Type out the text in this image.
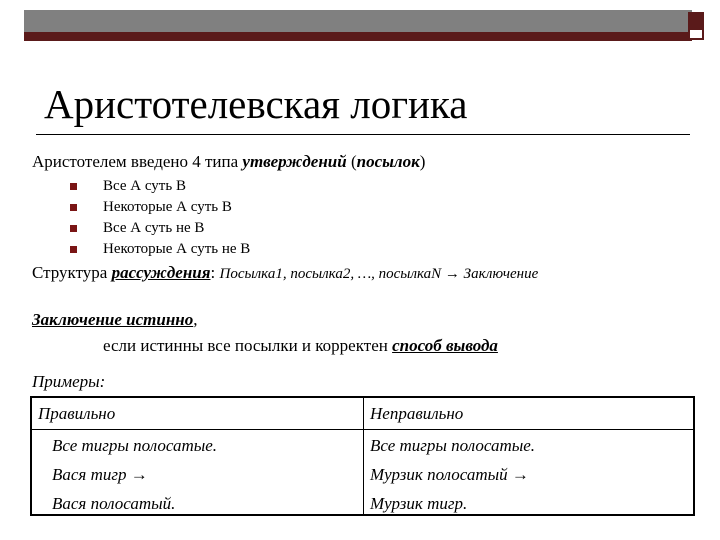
Аристотелевская логика
Аристотелем введено 4 типа утверждений (посылок)
Все А суть В
Некоторые А суть В
Все А суть не В
Некоторые А суть не В
Структура рассуждения: Посылка1, посылка2, …, посылкаN → Заключение
Заключение истинно,
если истинны все посылки и корректен способ вывода
Примеры:
Правильно	Неправильно
Все тигры полосатые.
Вася тигр →
Вася полосатый.
Все тигры полосатые.
Мурзик полосатый →
Мурзик тигр.
